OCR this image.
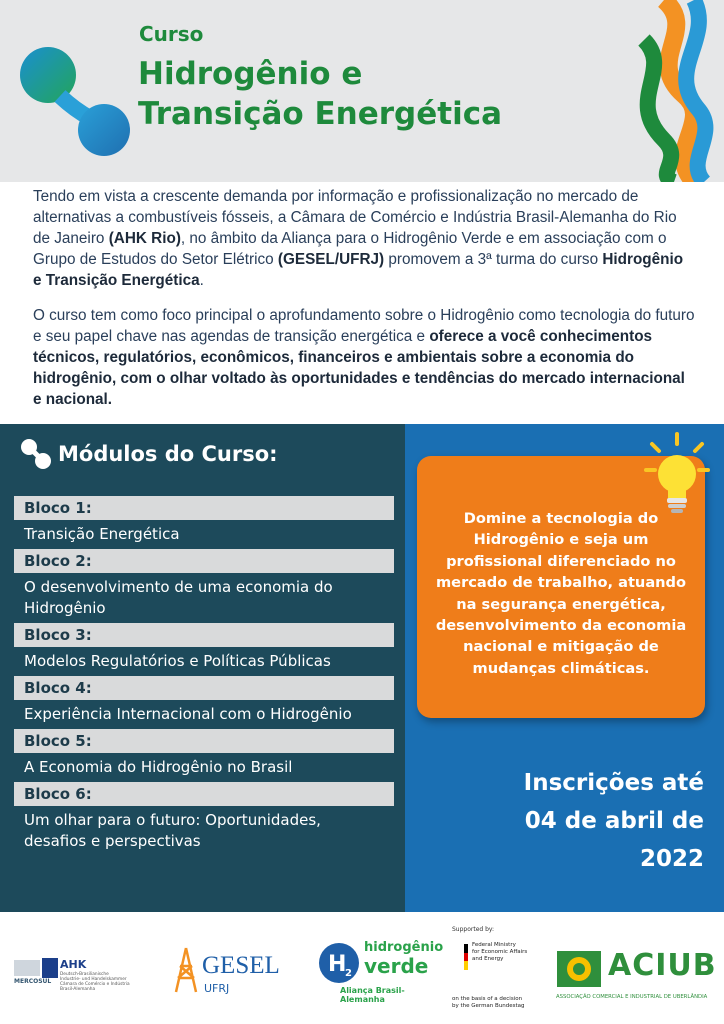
Curso
Hidrogênio e
Transição Energética

Tendo em vista a crescente demanda por informação e profissionalização no mercado de alternativas a combustíveis fósseis, a Câmara de Comércio e Indústria Brasil-Alemanha do Rio de Janeiro (AHK Rio), no âmbito da Aliança para o Hidrogênio Verde e em associação com o Grupo de Estudos do Setor Elétrico (GESEL/UFRJ) promovem a 3ª turma do curso Hidrogênio e Transição Energética.

O curso tem como foco principal o aprofundamento sobre o Hidrogênio como tecnologia do futuro e seu papel chave nas agendas de transição energética e oferece a você conhecimentos técnicos, regulatórios, econômicos, financeiros e ambientais sobre a economia do hidrogênio, com o olhar voltado às oportunidades e tendências do mercado internacional e nacional.

Módulos do Curso:
Bloco 1:
Transição Energética
Bloco 2:
O desenvolvimento de uma economia do Hidrogênio
Bloco 3:
Modelos Regulatórios e Políticas Públicas
Bloco 4:
Experiência Internacional com o Hidrogênio
Bloco 5:
A Economia do Hidrogênio no Brasil
Bloco 6:
Um olhar para o futuro: Oportunidades, desafios e perspectivas
Domine a tecnologia do Hidrogênio e seja um profissional diferenciado no mercado de trabalho, atuando na segurança energética, desenvolvimento da economia nacional e mitigação de mudanças climáticas.
Inscrições até
04 de abril de
2022
MERCOSUL
AHK
Deutsch-Brasilianische
Industrie- und Handelskammer
Câmara de Comércio e Indústria
Brasil-Alemanha
GESEL
UFRJ
H
2
hidrogênio
verde
Aliança Brasil-Alemanha
Supported by:
Federal Ministry
for Economic Affairs
and Energy
on the basis of a decision
by the German Bundestag
ACIUB
ASSOCIAÇÃO COMERCIAL E INDUSTRIAL DE UBERLÂNDIA
